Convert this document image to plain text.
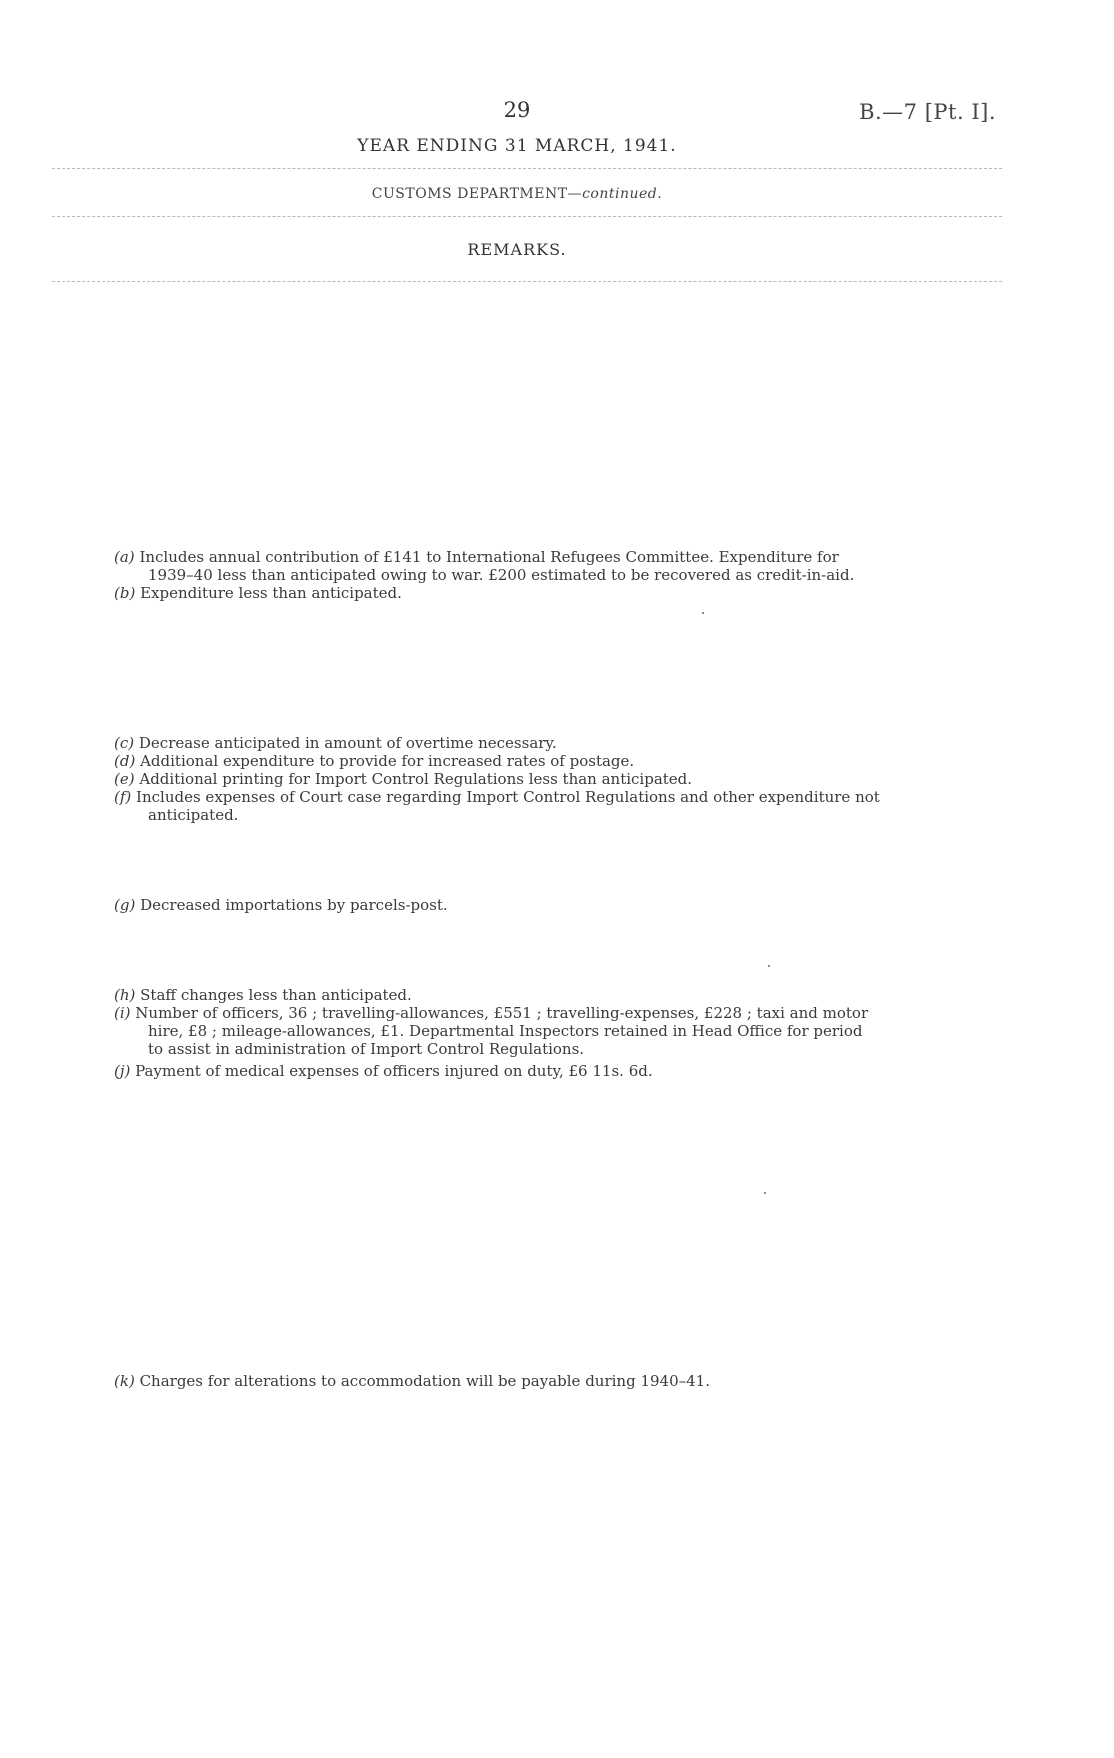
29	B.—7 [Pt. I].
YEAR ENDING 31 MARCH, 1941.
CUSTOMS DEPARTMENT—continued.
REMARKS.
(a) Includes annual contribution of £141 to International Refugees Committee. Expenditure for
1939–40 less than anticipated owing to war. £200 estimated to be recovered as credit-in-aid.
(b) Expenditure less than anticipated.
(c) Decrease anticipated in amount of overtime necessary.
(d) Additional expenditure to provide for increased rates of postage.
(e) Additional printing for Import Control Regulations less than anticipated.
(f) Includes expenses of Court case regarding Import Control Regulations and other expenditure not
anticipated.
(g) Decreased importations by parcels-post.
(h) Staff changes less than anticipated.
(i) Number of officers, 36 ; travelling-allowances, £551 ; travelling-expenses, £228 ; taxi and motor
hire, £8 ; mileage-allowances, £1. Departmental Inspectors retained in Head Office for period
to assist in administration of Import Control Regulations.
(j) Payment of medical expenses of officers injured on duty, £6 11s. 6d.
(k) Charges for alterations to accommodation will be payable during 1940–41.
